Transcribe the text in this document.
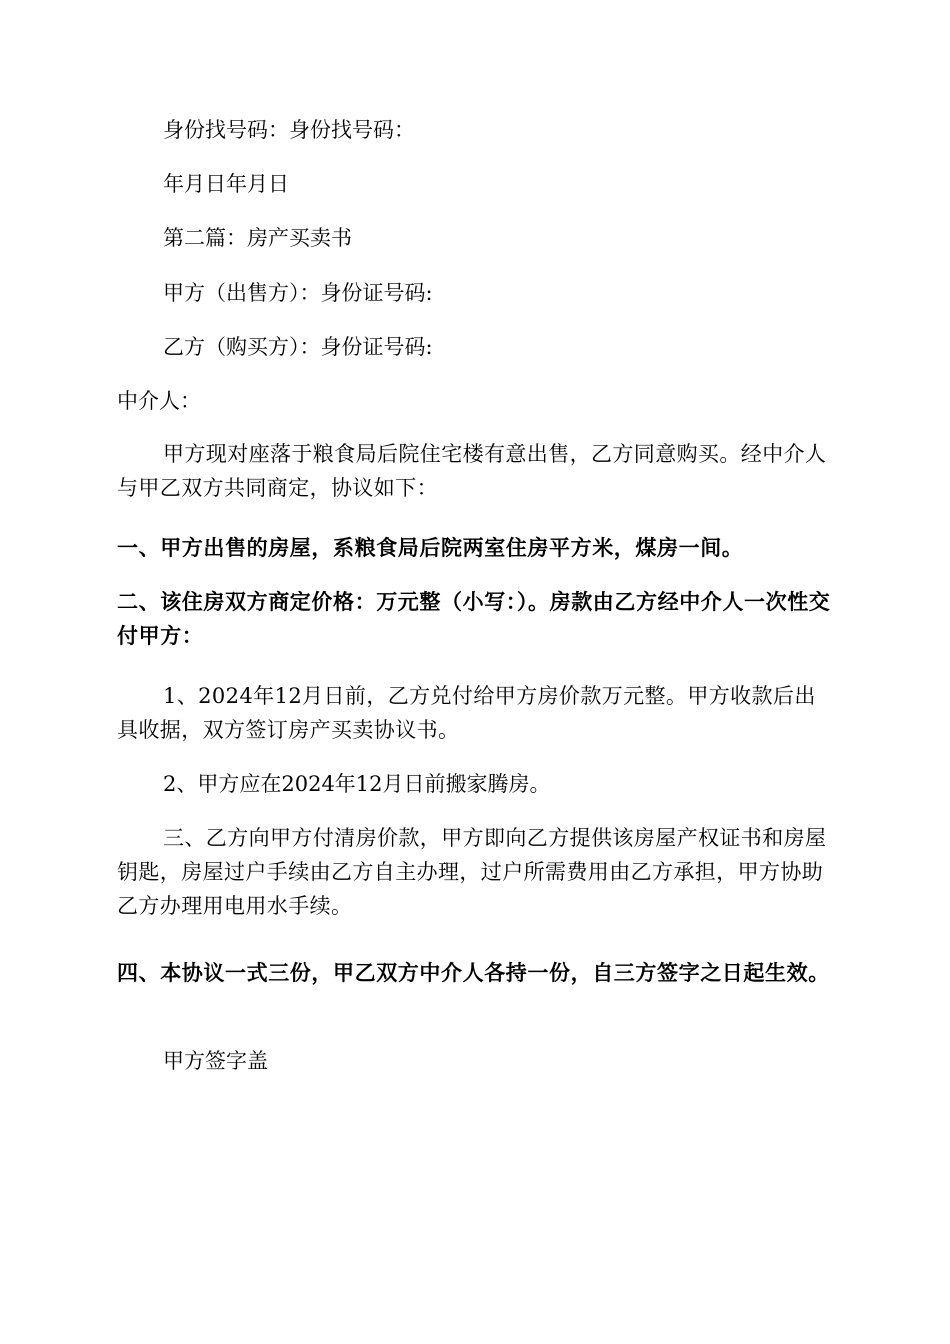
身份找号码：身份找号码：
年月日年月日
第二篇：房产买卖书
甲方（出售方）：身份证号码:
乙方（购买方）：身份证号码:
中介人：
甲方现对座落于粮食局后院住宅楼有意出售，乙方同意购买。经中介人与甲乙双方共同商定，协议如下：
一、甲方出售的房屋，系粮食局后院两室住房平方米，煤房一间。
二、该住房双方商定价格：万元整（小写：）。房款由乙方经中介人一次性交付甲方：
1、2024年12月日前，乙方兑付给甲方房价款万元整。甲方收款后出具收据，双方签订房产买卖协议书。
2、甲方应在2024年12月日前搬家腾房。
三、乙方向甲方付清房价款，甲方即向乙方提供该房屋产权证书和房屋钥匙，房屋过户手续由乙方自主办理，过户所需费用由乙方承担，甲方协助乙方办理用电用水手续。
四、本协议一式三份，甲乙双方中介人各持一份，自三方签字之日起生效。
甲方签字盖
